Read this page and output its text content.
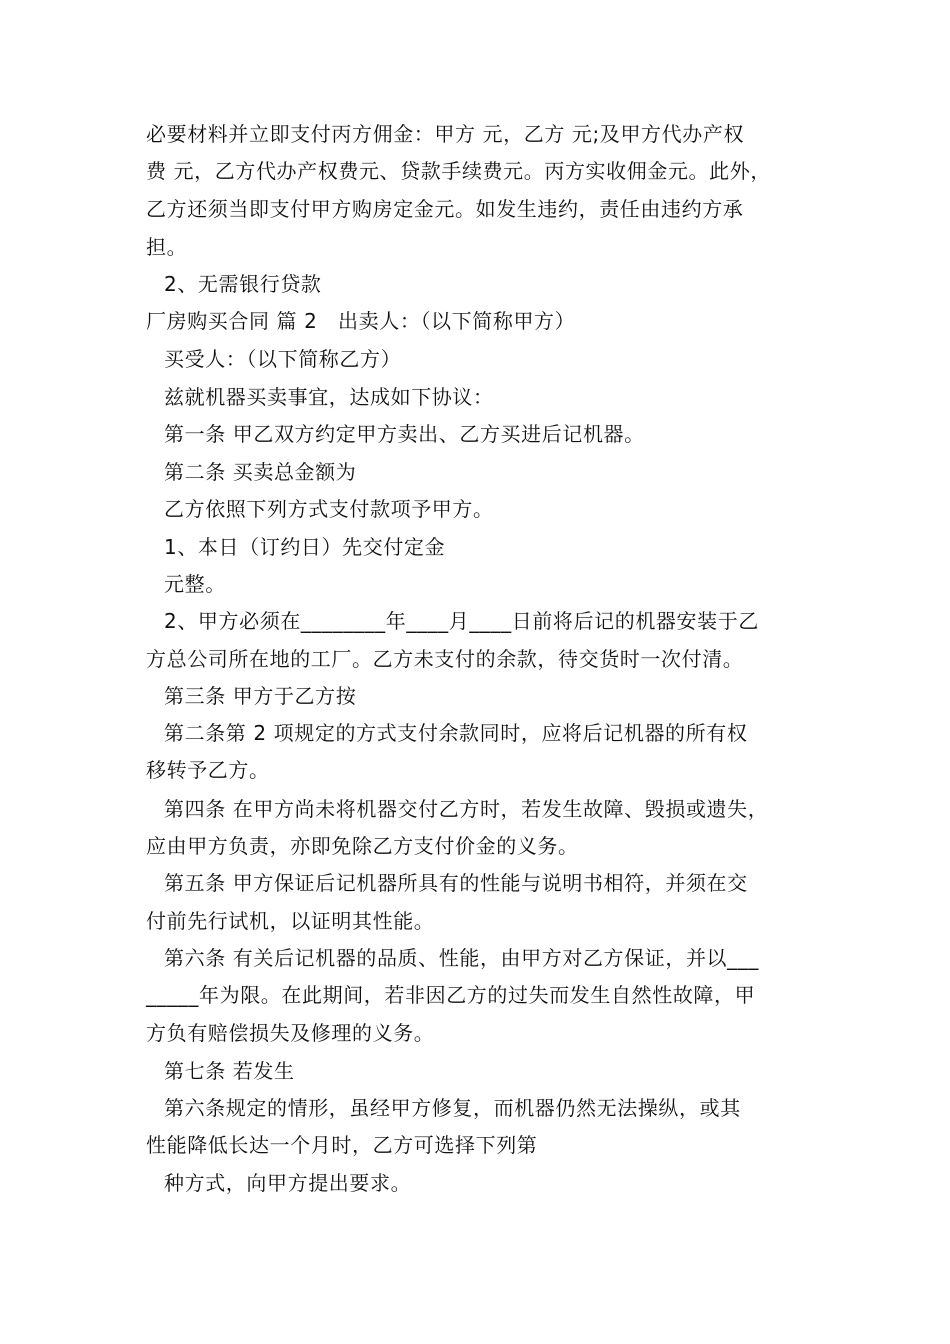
必要材料并立即支付丙方佣金：甲方 元，乙方 元;及甲方代办产权
费 元，乙方代办产权费元、贷款手续费元。丙方实收佣金元。此外，
乙方还须当即支付甲方购房定金元。如发生违约，责任由违约方承
担。
2、无需银行贷款
厂房购买合同 篇 2　出卖人：（以下简称甲方）
买受人：（以下简称乙方）
兹就机器买卖事宜，达成如下协议：
第一条 甲乙双方约定甲方卖出、乙方买进后记机器。
第二条 买卖总金额为
乙方依照下列方式支付款项予甲方。
1、本日（订约日）先交付定金
元整。
2、甲方必须在________年____月____日前将后记的机器安装于乙
方总公司所在地的工厂。乙方未支付的余款，待交货时一次付清。
第三条 甲方于乙方按
第二条第 2 项规定的方式支付余款同时，应将后记机器的所有权
移转予乙方。
第四条 在甲方尚未将机器交付乙方时，若发生故障、毁损或遗失，
应由甲方负责，亦即免除乙方支付价金的义务。
第五条 甲方保证后记机器所具有的性能与说明书相符，并须在交
付前先行试机，以证明其性能。
第六条 有关后记机器的品质、性能，由甲方对乙方保证，并以___
_____年为限。在此期间，若非因乙方的过失而发生自然性故障，甲
方负有赔偿损失及修理的义务。
第七条 若发生
第六条规定的情形，虽经甲方修复，而机器仍然无法操纵，或其
性能降低长达一个月时，乙方可选择下列第
种方式，向甲方提出要求。
